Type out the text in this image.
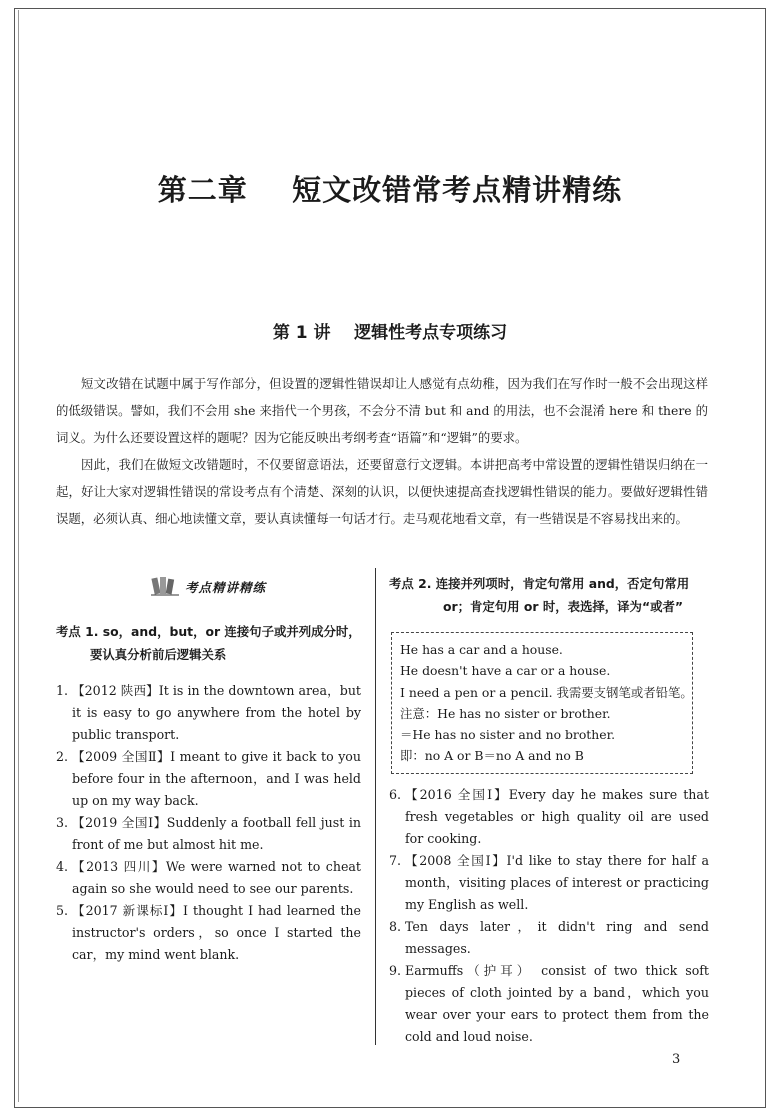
第二章    短文改错常考点精讲精练
第 1 讲    逻辑性考点专项练习

短文改错在试题中属于写作部分，但设置的逻辑性错误却让人感觉有点幼稚，因为我们在写作时一般不会出现这样的低级错误。譬如，我们不会用 she 来指代一个男孩，不会分不清 but 和 and 的用法，也不会混淆 here 和 there 的词义。为什么还要设置这样的题呢？因为它能反映出考纲考查“语篇”和“逻辑”的要求。

因此，我们在做短文改错题时，不仅要留意语法，还要留意行文逻辑。本讲把高考中常设置的逻辑性错误归纳在一起，好让大家对逻辑性错误的常设考点有个清楚、深刻的认识，以便快速提高查找逻辑性错误的能力。要做好逻辑性错误题，必须认真、细心地读懂文章，要认真读懂每一句话才行。走马观花地看文章，有一些错误是不容易找出来的。

考点精讲精练
考点 1. so，and，but，or 连接句子或并列成分时，
要认真分析前后逻辑关系
1. 【2012 陕西】It is in the downtown area，but it is easy to go anywhere from the hotel by public transport.
2. 【2009 全国Ⅱ】I meant to give it back to you before four in the afternoon，and I was held up on my way back.
3. 【2019 全国Ⅰ】Suddenly a football fell just in front of me but almost hit me.
4. 【2013 四川】We were warned not to cheat again so she would need to see our parents.
5. 【2017 新课标Ⅰ】I thought I had learned the instructor's orders，so once I started the car，my mind went blank.
考点 2. 连接并列项时，肯定句常用 and，否定句常用
or；肯定句用 or 时，表选择，译为“或者”
He has a car and a house.
He doesn't have a car or a house.
I need a pen or a pencil. 我需要支钢笔或者铅笔。
注意：He has no sister or brother.
＝He has no sister and no brother.
即：no A or B＝no A and no B
6. 【2016 全国Ⅰ】Every day he makes sure that fresh vegetables or high quality oil are used for cooking.
7. 【2008 全国Ⅰ】I'd like to stay there for half a month，visiting places of interest or practicing my English as well.
8. Ten days later，it didn't ring and send messages.
9. Earmuffs（护耳） consist of two thick soft pieces of cloth jointed by a band，which you wear over your ears to protect them from the cold and loud noise.
3
